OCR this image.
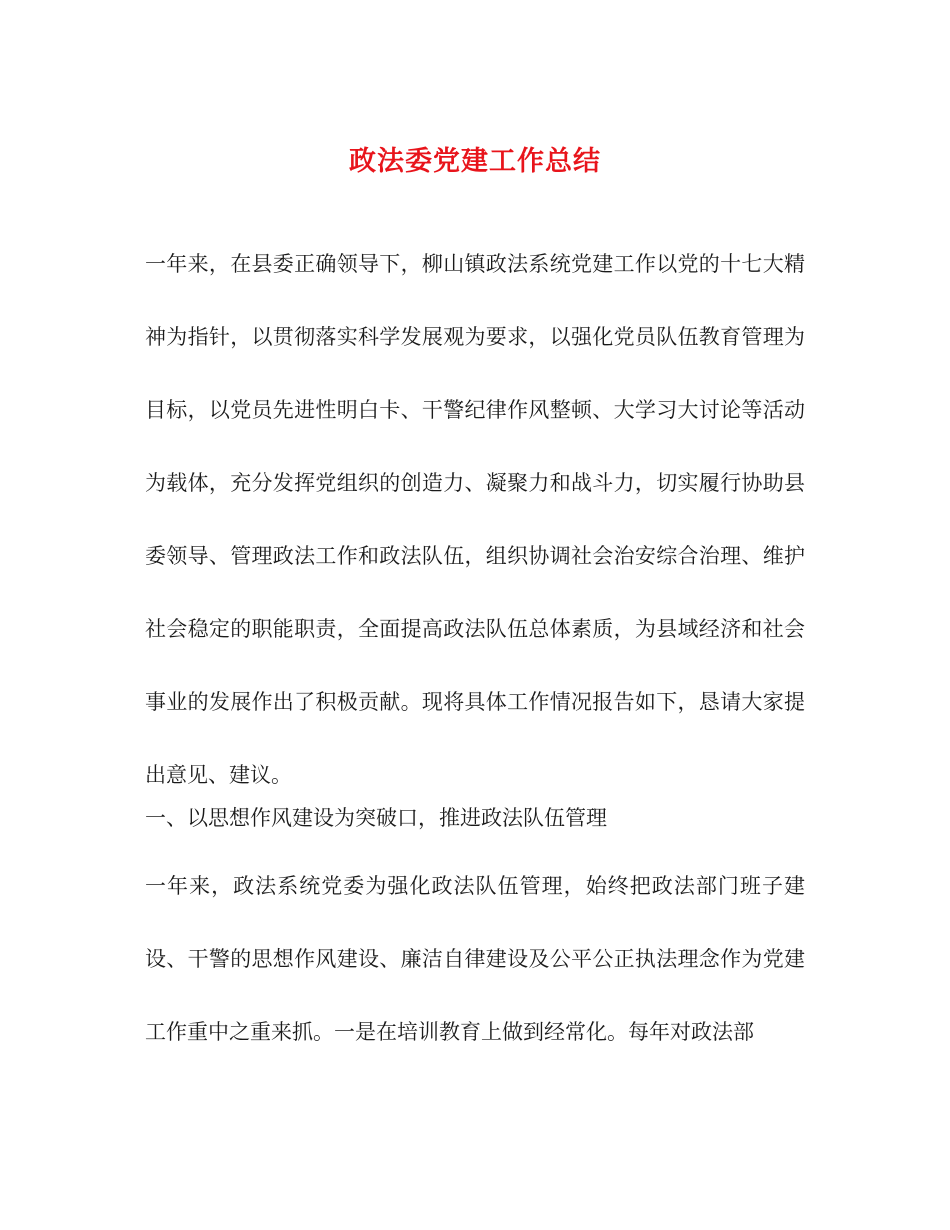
政法委党建工作总结
一年来，在县委正确领导下，柳山镇政法系统党建工作以党的十七大精神为指针，以贯彻落实科学发展观为要求，以强化党员队伍教育管理为目标，以党员先进性明白卡、干警纪律作风整顿、大学习大讨论等活动为载体，充分发挥党组织的创造力、凝聚力和战斗力，切实履行协助县委领导、管理政法工作和政法队伍，组织协调社会治安综合治理、维护社会稳定的职能职责，全面提高政法队伍总体素质，为县域经济和社会事业的发展作出了积极贡献。现将具体工作情况报告如下，恳请大家提出意见、建议。
一、以思想作风建设为突破口，推进政法队伍管理
一年来，政法系统党委为强化政法队伍管理，始终把政法部门班子建设、干警的思想作风建设、廉洁自律建设及公平公正执法理念作为党建工作重中之重来抓。一是在培训教育上做到经常化。每年对政法部
